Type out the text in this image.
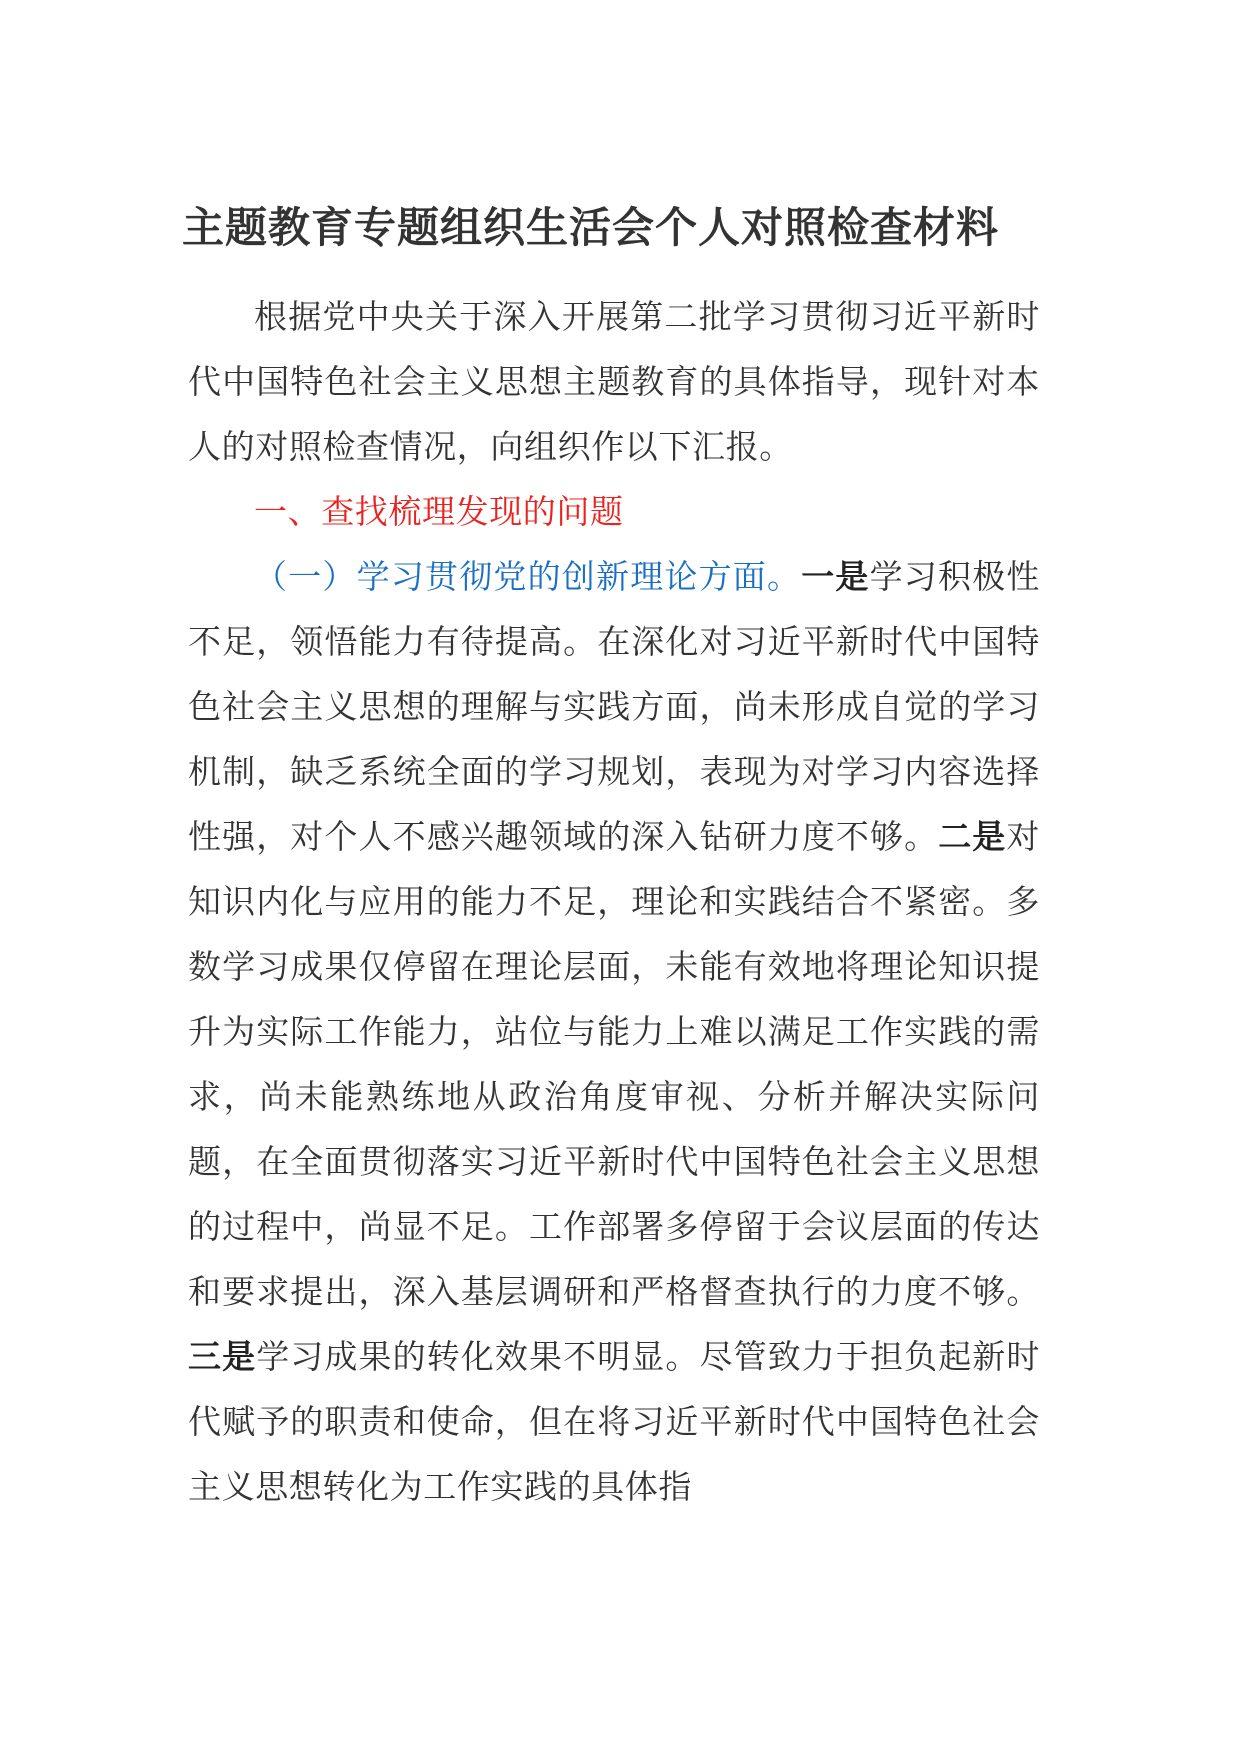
主题教育专题组织生活会个人对照检查材料

根据党中央关于深入开展第二批学习贯彻习近平新时代中国特色社会主义思想主题教育的具体指导，现针对本人的对照检查情况，向组织作以下汇报。

一、查找梳理发现的问题

（一）学习贯彻党的创新理论方面。一是学习积极性不足，领悟能力有待提高。在深化对习近平新时代中国特色社会主义思想的理解与实践方面，尚未形成自觉的学习机制，缺乏系统全面的学习规划，表现为对学习内容选择性强，对个人不感兴趣领域的深入钻研力度不够。二是对知识内化与应用的能力不足，理论和实践结合不紧密。多数学习成果仅停留在理论层面，未能有效地将理论知识提升为实际工作能力，站位与能力上难以满足工作实践的需求，尚未能熟练地从政治角度审视、分析并解决实际问题，在全面贯彻落实习近平新时代中国特色社会主义思想的过程中，尚显不足。工作部署多停留于会议层面的传达和要求提出，深入基层调研和严格督查执行的力度不够。三是学习成果的转化效果不明显。尽管致力于担负起新时代赋予的职责和使命，但在将习近平新时代中国特色社会主义思想转化为工作实践的具体指
